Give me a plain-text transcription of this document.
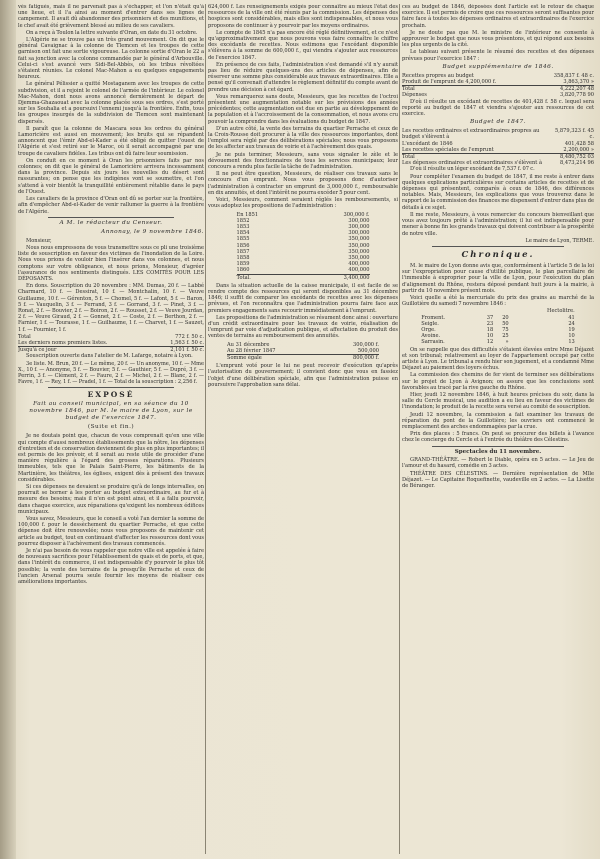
vés fatigués, mais il ne parvenait pas à s'échapper, et l'on n'était qu'à une lieue, et il l'a ainsi au moment d'entrer dans ses lignes de campement. Il avait dû abandonner des prisonniers et des munitions, et le chef avait été grièvement blessé au milieu de ses cavaliers.

On a reçu à Toulon la lettre suivante d'Oran, en date du 31 octobre.

L'Algérie ne se trouve pas un très grand mouvement. On dit que le général Cavaignac à la colonne de Tlemcen et les troupes de cette garnison ont fait une sortie vigoureuse. La colonne sortie d'Oran le 22 a fait sa jonction avec la colonne commandée par le général d'Arbouville. Celui-ci s'est avancé vers Sidi-Bel-Abbès, où les tribus révoltées s'étaient réunies. Le colonel Mac-Mahon a eu quelques engagements heureux.

Le général Pélissier a quitté Mostaganem avec les troupes de cette subdivision, et il a rejoint le colonel de l'armée de l'intérieur. Le colonel Mac-Mahon, dont nous avons annoncé dernièrement le départ de Djemma-Ghazaouat avec la colonne placée sous ses ordres, s'est porté sur les Souhalia et a poursuivi l'ennemi jusqu'à la frontière. Enfin, tous les groupes insurgés de la subdivision de Tlemcen sont maintenant dispersés.

Il paraît que la colonne de Mascara sous les ordres du général Lamoricière est aussi en mouvement; les bruits qui se répandent annoncent que l'émir Abd-el-Kader a été obligé de quitter l'ouest de l'Algérie et s'est retiré sur le Maroc, où il serait accompagné par une troupe de cavaliers fidèles. Les tribus ont dû faire leur soumission.

On conduit en ce moment à Oran les prisonniers faits par nos colonnes; on dit que le général de Lamoricière arrivera incessamment dans la province. Depuis six jours les nouvelles du désert sont rassurantes; on pense que les indigènes vont se soumettre, et l'on s'attend à voir bientôt la tranquillité entièrement rétablie dans le pays de l'Ouest.

Les cavaliers de la province d'Oran ont dû se porter sur la frontière, afin d'empêcher Abd-el-Kader de venir rallumer la guerre à la frontière de l'Algérie.

A M. le rédacteur du Censeur.
Annonay, le 9 novembre 1846.

Monsieur,

Nous nous empressons de vous transmettre sous ce pli une troisième liste de souscription en faveur des victimes de l'inondation de la Loire. Nous vous prions de vouloir bien l'insérer dans vos colonnes, et nous comptons sur votre obligeance, et nous prions, Monsieur, d'agréer l'assurance de nos sentiments distingués. LES COMITÉS POUR LES DÉPOSANTS.

En dons. Souscription du 20 novembre : MM. Dumas, 20 f. — Labbé Charmard, 10 f. — Dessirat, 10 f. — Montchalin, 10 f. — Veuve Guillaume, 10 f. — Gérenton, 5 f. — Chomel, 5 f. — Lafont, 5 f. — Baron, 5 f. — Vauquelin, 3 f. — Ferrand, 3 f. — Gorrand, 3 f. — Pinet, 3 f. — Ronat, 2 f. — Bouvier, 2 f. — Boiron, 2 f. — Rousset, 2 f. — Veuve Jourdan, 2 f. — Veuve Giraud, 2 f. — Gonnet, 2 f. — Coste, 2 f. — Berthon, 2 f. — Farnier, 1 f. — Tourasse, 1 f. — Guilhaume, 1 f. — Charvet, 1 f. — Sauzet, 1 f. — Fournier, 1 f.

Total	772 f. 50 c.
Les derniers noms premiers listes.	1,563 f. 50 c.
Jusqu'à ce jour	2,101 f. 50 c.

Souscription ouverte dans l'atelier de M. Lafarge, notaire à Lyon.

3e liste. M. Brun, 20 f. — Le même, 20 f. — Un anonyme, 10 f. — Mme X., 10 f. — Anonyme, 5 f. — Bouvier, 5 f. — Gauthier, 5 f. — Dupré, 3 f. — Perrin, 3 f. — Clément, 2 f. — Faure, 2 f. — Michel, 2 f. — Blanc, 2 f. — Favre, 1 f. — Rey, 1 f. — Pradel, 1 f. — Total de la souscription : 2,256 f.

EXPOSÉ
Fait au conseil municipal, en sa séance du 10 novembre 1846, par M. le maire de Lyon, sur le budget de l'exercice 1847.
(Suite et fin.)

Je ne doutais point que, chacun de vous comprenait qu'en une ville qui compte d'aussi nombreux établissements que la nôtre, les dépenses d'entretien et de conservation deviennent de plus en plus importantes; il est permis de les prévoir, et il serait au reste utile de procéder d'une manière régulière à l'égard des grosses réparations. Plusieurs immeubles, tels que le Palais Saint-Pierre, les bâtiments de la Martinière, les théâtres, les églises, exigent dès à présent des travaux considérables.

Si ces dépenses ne devaient se produire qu'à de longs intervalles, on pourrait se borner à les porter au budget extraordinaire, au fur et à mesure des besoins; mais il n'en est point ainsi, et il a fallu pourvoir, dans chaque exercice, aux réparations qu'exigent les nombreux édifices municipaux.

Vous savez, Messieurs, que le conseil a voté l'an dernier la somme de 100,000 f. pour le dessèchement du quartier Perrache, et que cette dépense doit être renouvelée; nous vous proposons de maintenir cet article au budget, tout en continuant d'affecter les ressources dont vous pourrez disposer à l'achèvement des travaux commencés.

Je n'ai pas besoin de vous rappeler que notre ville est appelée à faire de nouveaux sacrifices pour l'établissement de quais et de ports, et que, dans l'intérêt du commerce, il est indispensable d'y pourvoir le plus tôt possible; la vente des terrains de la presqu'île Perrache et ceux de l'ancien Arsenal pourra seule fournir les moyens de réaliser ces améliorations importantes.

624,000 f. Les renseignements exigés pour connaître au mieux l'état des ressources de la ville ont été réunis par la commission. Les dépenses des hospices sont considérables, mais elles sont indispensables, et nous vous proposons de continuer à y pourvoir par les moyens ordinaires.

Le compte de 1845 n'a pas encore été réglé définitivement, et ce n'est qu'approximativement que nous pouvons vous faire connaître le chiffre des excédants de recettes. Nous estimons que l'excédant disponible s'élèvera à la somme de 600,000 f., qui viendra s'ajouter aux ressources de l'exercice 1847.

En présence de ces faits, l'administration s'est demandé s'il n'y aurait pas lieu de réduire quelques-uns des articles de dépenses, afin de réserver une somme plus considérable aux travaux extraordinaires. Elle a pensé qu'il convenait d'attendre le règlement définitif du compte avant de prendre une décision à cet égard.

Vous remarquerez sans doute, Messieurs, que les recettes de l'octroi présentent une augmentation notable sur les prévisions des années précédentes; cette augmentation est due en partie au développement de la population et à l'accroissement de la consommation, et nous avons cru pouvoir la comprendre dans les évaluations du budget de 1847.

D'un autre côté, la vente des terrains du quartier Perrache et ceux de la Croix-Rousse doit procurer à la ville des ressources importantes, dont l'emploi sera réglé par des délibérations spéciales; nous vous proposons de les affecter aux travaux de voirie et à l'achèvement des quais.

Je ne puis terminer, Messieurs, sans vous signaler le zèle et le dévouement des fonctionnaires de tous les services municipaux; leur concours a rendu plus facile la tâche de l'administration.

Il ne peut être question, Messieurs, de réaliser ces travaux sans le concours d'un emprunt. Nous vous proposons donc d'autoriser l'administration à contracter un emprunt de 3,000,000 f., remboursable en dix annuités, et dont l'intérêt ne pourra excéder 5 pour cent.

Voici, Messieurs, comment seraient réglés les remboursements, si vous adoptez les propositions de l'administration :

En 1851	300,000 f.
1852	300,000
1853	300,000
1854	300,000
1855	350,000
1856	350,000
1857	350,000
1858	350,000
1859	400,000
1860	400,000
Total.	3,400,000

Dans la situation actuelle de la caisse municipale, il est facile de se rendre compte des ressources qui seront disponibles au 31 décembre 1846; il suffit de comparer les excédants de recettes avec les dépenses prévues, et l'on reconnaîtra que l'administration pourra faire face aux premiers engagements sans recourir immédiatement à l'emprunt.

Les propositions de l'administration se résument donc ainsi : ouverture d'un crédit extraordinaire pour les travaux de voirie, réalisation de l'emprunt par voie d'adjudication publique, et affectation du produit des ventes de terrains au remboursement des annuités.

Au 31 décembre	300,000 f.
Au 28 février 1847	500,000
Somme égale	800,000 f.

L'emprunt voté pour le lui ne peut recevoir d'exécution qu'après l'autorisation du gouvernement; il convient donc que vous en fassiez l'objet d'une délibération spéciale, afin que l'administration puisse en poursuivre l'approbation sans délai.

ces au budget de 1846, déposées dont l'article est le retour de chaque exercice. Il est permis de croire que ces ressources seront suffisantes pour faire face à toutes les dépenses ordinaires et extraordinaires de l'exercice prochain.

Je ne doute pas que M. le ministre de l'intérieur ne consente à approuver le budget que nous vous présentons, et qui répond aux besoins les plus urgents de la cité.

Le tableau suivant présente le résumé des recettes et des dépenses prévues pour l'exercice 1847 :

Budget supplémentaire de 1846.
Recettes propres au budget	358,837 f. 48 c.
Produit de l'emprunt de 4,200,000 f.	3,863,370 »
Total	4,222,207 48
Dépenses	3,820,778 90

D'où il résulte un excédant de recettes de 401,428 f. 58 c. lequel sera reporté au budget de 1847 et viendra s'ajouter aux ressources de cet exercice.

Budget de 1847.
Les recettes ordinaires et extraordinaires propres au budget s'élèvent à	5,879,323 f. 45 c.
L'excédant de 1846	401,428 58
Les recettes spéciales de l'emprunt	2,200,000 »
Total	8,480,752 03
Les dépenses ordinaires et extraordinaires s'élèvent à	8,473,214 96

D'où il résulte un léger excédant de 7,537 f. 07 c.

Pour compléter l'examen du budget de 1847, il me reste à entrer dans quelques explications particulières sur certains articles de recettes et de dépenses qui présentent, comparés à ceux de 1846, des différences notables. Mais, Messieurs, les explications que vous trouverez dans le rapport de la commission des finances me dispensent d'entrer dans plus de détails à ce sujet.

Il me reste, Messieurs, à vous remercier du concours bienveillant que vous avez toujours prêté à l'administration; il lui est indispensable pour mener à bonne fin les grands travaux qui doivent contribuer à la prospérité de notre ville.

Le maire de Lyon, TERME.

Chronique.

M. le maire de Lyon donne avis que, conformément à l'article 5 de la loi sur l'expropriation pour cause d'utilité publique, le plan parcellaire de l'immeuble à exproprier pour la ville de Lyon, pour l'exécution du plan d'alignement du Rhône, restera déposé pendant huit jours à la mairie, à partir du 10 novembre présent mois.

Voici quelle a été la mercuriale du prix des grains au marché de la Guillotière du samedi 7 novembre 1846 :

			Hectolitre.
Froment.	37	20	41
Seigle.	23	50	24
Orge.	18	75	19
Avoine.	10	25	10
Sarrasin.	12	»	13

On se rappelle que des difficultés s'étaient élevées entre Mme Déjazet et son tribunal; relativement au loyer de l'appartement occupé par cette artiste à Lyon. Le tribunal a rendu hier son jugement, et a condamné Mme Déjazet au paiement des loyers échus.

La commission des chemins de fer vient de terminer ses délibérations sur le projet de Lyon à Avignon; on assure que les conclusions sont favorables au tracé par la rive gauche du Rhône.

Hier, jeudi 12 novembre 1846, à huit heures précises du soir, dans la salle du Cercle musical, une audition a eu lieu en faveur des victimes de l'inondation; le produit de la recette sera versé au comité de souscription.

Jeudi 12 novembre, la commission a fait examiner les travaux de réparation du pont de la Guillotière; les ouvriers ont commencé le remplacement des arches endommagées par la crue.

Prix des places : 5 francs. On peut se procurer des billets à l'avance chez le concierge du Cercle et à l'entrée du théâtre des Célestins.

Spectacles du 11 novembre.

GRAND-THÉÂTRE. — Robert le Diable, opéra en 5 actes. — Le Jeu de l'amour et du hasard, comédie en 3 actes.

THÉÂTRE DES CÉLESTINS. — Dernière représentation de Mlle Déjazet. — Le Capitaine Roquefinette, vaudeville en 2 actes. — La Lisette de Béranger.
